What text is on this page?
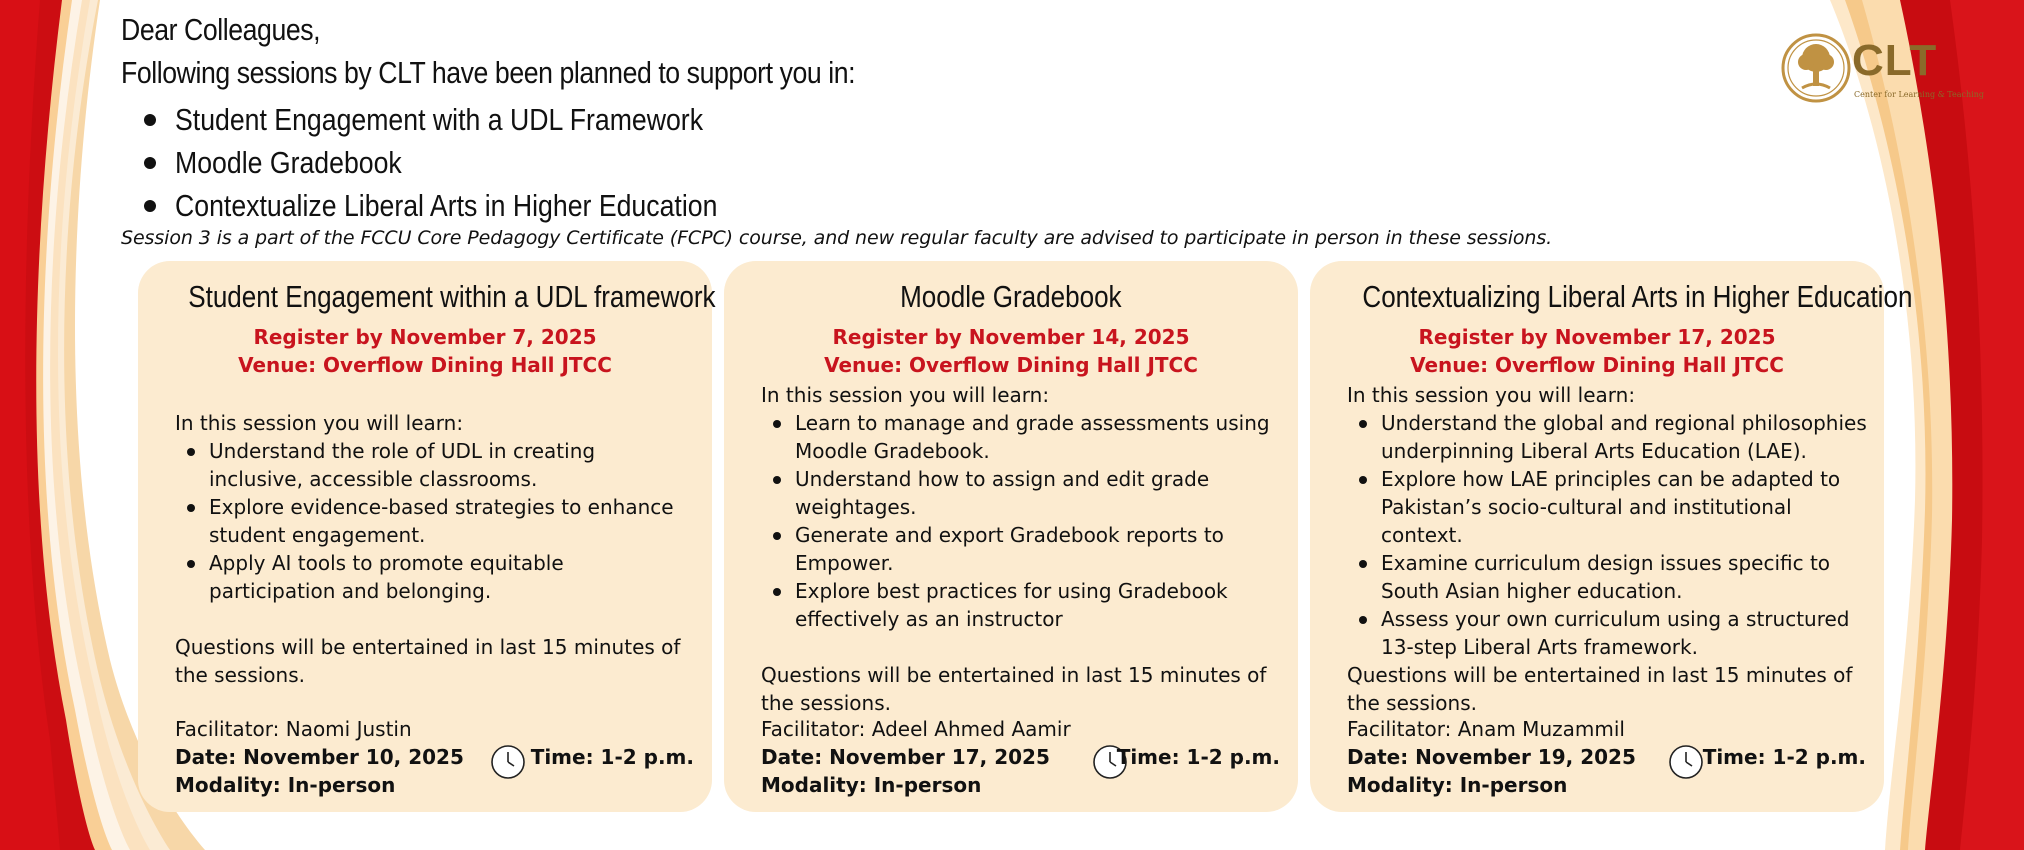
Dear Colleagues,
Following sessions by CLT have been planned to support you in:
Student Engagement with a UDL Framework
Moodle Gradebook
Contextualize Liberal Arts in Higher Education
Session 3 is a part of the FCCU Core Pedagogy Certificate (FCPC) course, and new regular faculty are advised to participate in person in these sessions.
CLT
Center for Learning & Teaching
Student Engagement within a UDL framework
Register by November 7, 2025
Venue: Overflow Dining Hall JTCC
In this session you will learn:
Understand the role of UDL in creating inclusive, accessible classrooms.
Explore evidence-based strategies to enhance student engagement.
Apply AI tools to promote equitable participation and belonging.
Questions will be entertained in last 15 minutes of the sessions.
Facilitator: Naomi Justin
Date: November 10, 2025	Time: 1-2 p.m.
Modality: In-person
Moodle Gradebook
Register by November 14, 2025
Venue: Overflow Dining Hall JTCC
In this session you will learn:
Learn to manage and grade assessments using Moodle Gradebook.
Understand how to assign and edit grade weightages.
Generate and export Gradebook reports to Empower.
Explore best practices for using Gradebook effectively as an instructor
Questions will be entertained in last 15 minutes of the sessions.
Facilitator: Adeel Ahmed Aamir
Date: November 17, 2025	Time: 1-2 p.m.
Modality: In-person
Contextualizing Liberal Arts in Higher Education
Register by November 17, 2025
Venue: Overflow Dining Hall JTCC
In this session you will learn:
Understand the global and regional philosophies underpinning Liberal Arts Education (LAE).
Explore how LAE principles can be adapted to Pakistan’s socio-cultural and institutional context.
Examine curriculum design issues specific to South Asian higher education.
Assess your own curriculum using a structured 13-step Liberal Arts framework.
Questions will be entertained in last 15 minutes of the sessions.
Facilitator: Anam Muzammil
Date: November 19, 2025	Time: 1-2 p.m.
Modality: In-person
